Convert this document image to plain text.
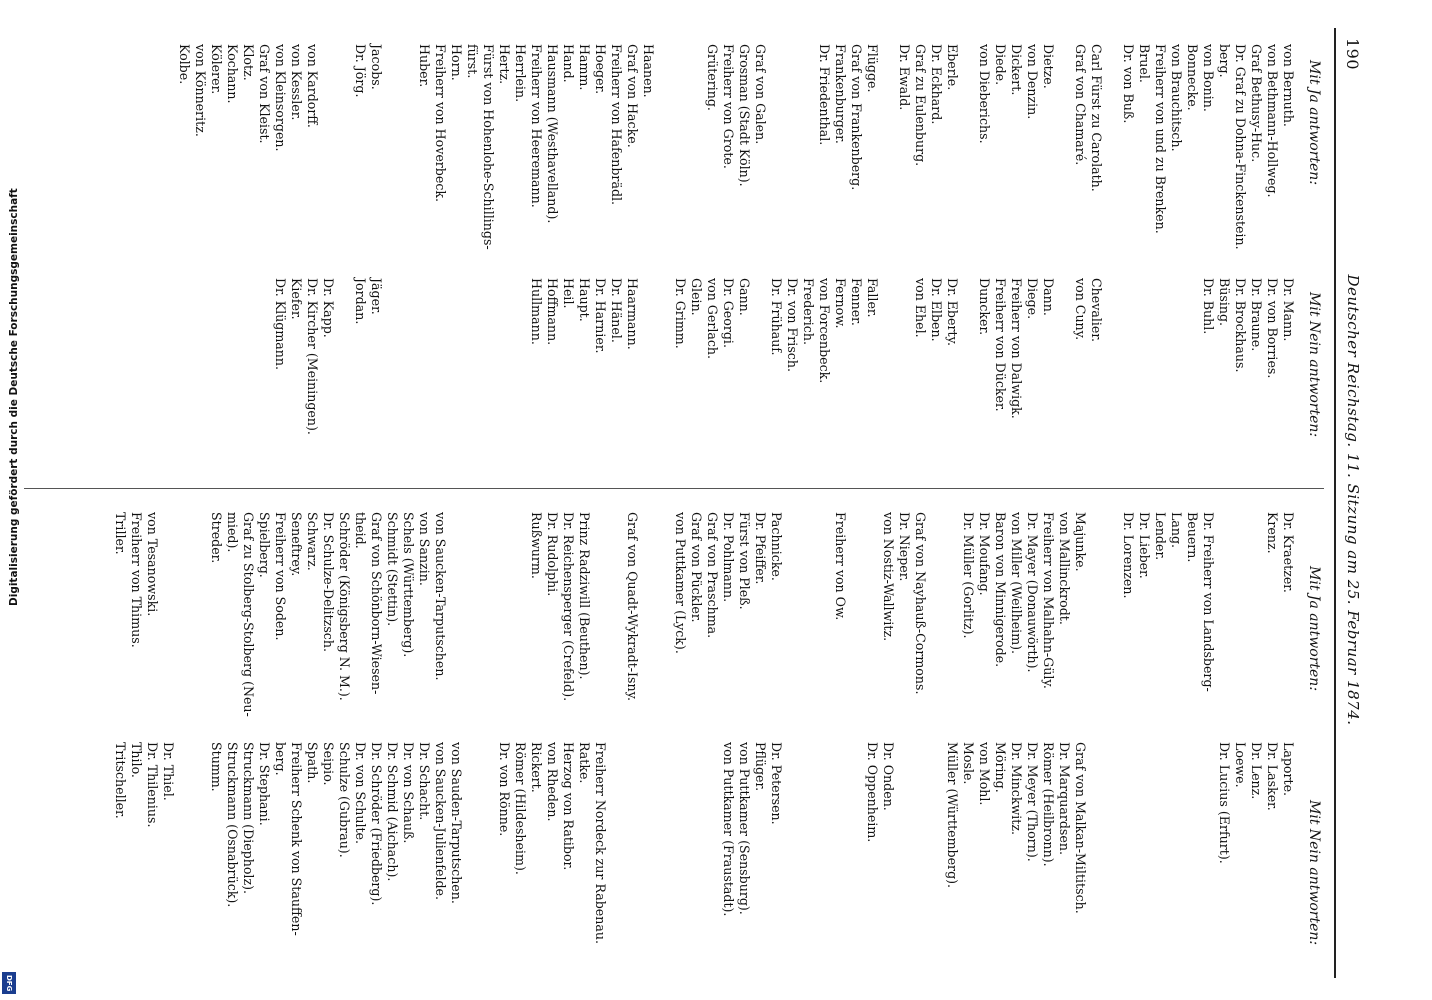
190
Deutscher Reichstag. 11. Sitzung am 25. Februar 1874.
Mit Ja antworten:
Mit Nein antworten:
Mit Ja antworten:
Mit Nein antworten:
von Bernuth.
von Bethmann-Hollweg.
Graf Bethusy-Huc.
Dr. Graf zu Dohna-Finckenstein.
berg.
von Bonin.
Bonnecke.
von Brauchitsch.
Freiherr von und zu Brenken.
Bruel.
Dr. von Buß.
Carl Fürst zu Carolath.
Graf von Chamaré.
Dietze.
von Denzin.
Dickert.
Diede.
von Dieberichs.
Eberle.
Dr. Eckhard.
Graf zu Eulenburg.
Dr. Ewald.
Flügge.
Graf von Frankenberg.
Frankenburger.
Dr. Friedenthal.
Graf von Galen.
Grosman (Stadt Köln).
Freiherr von Grote.
Grütering.
Haanen.
Graf von Hacke.
Freiherr von Hafenbrädl.
Hoeger.
Hamm.
Hand.
Hausmann (Westhavelland).
Freiherr von Heeremann.
Herrlein.
Hertz.
Fürst von Hohenlohe-Schillings-
fürst.
Horn.
Freiherr von Hoverbeck.
Huber.
Jacobs.
Dr. Jörg.
von Kardorff.
von Kessler.
von Kleinsorgen.
Graf von Kleist.
Klotz.
Kochann.
Kölerer.
von Könneritz.
Kolbe.
Dr. Mann.
Dr. von Borries.
Dr. Braune.
Dr. Brockhaus.
Büsing.
Dr. Buhl.
Chevalier.
von Cuny.
Dann.
Diege.
Freiherr von Dalwigk.
Freiherr von Dücker.
Duncker.
Dr. Eberty.
Dr. Elben.
von Ehel.
Faller.
Fenner.
Fernow.
von Forcenbeck.
Frederich.
Dr. von Frisch.
Dr. Frühauf.
Gann.
Dr. Georgi.
von Gerlach.
Glein.
Dr. Grimm.
Haarmann.
Dr. Hänel.
Dr. Harnier.
Haupt.
Heil.
Hoffmann.
Hullmann.
Jäger.
Jordan.
Dr. Kapp.
Dr. Kircher (Meiningen).
Kiefer.
Dr. Klügmann.
Dr. Kraetzer.
Krenz.
Dr. Freiherr von Landsberg-
Beuern.
Lang.
Lender.
Dr. Lieber.
Dr. Lorenzen.
Majunke.
von Mallinckrodt.
Freiherr von Malhahn-Güly.
Dr. Mayer (Donauwörth).
von Miller (Weilheim).
Baron von Minnigerode.
Dr. Moufang.
Dr. Müller (Gorlitz).
Graf von Nayhauß-Cormons.
Dr. Nieper.
von Nostiz-Wallwitz.
Freiherr von Ow.
Pachnicke.
Dr. Pfeiffer.
Fürst von Pleß.
Dr. Pohlmann.
Graf von Praschma.
Graf von Pückler.
von Puttkamer (Lyck).
Graf von Quadt-Wykradt-Isny.
Prinz Radziwill (Beuthen).
Dr. Reichensperger (Crefeld).
Dr. Rudolphi.
Rußwurm.
von Saucken-Tarputschen.
von Sanzin.
Schels (Württemberg).
Schmidt (Stettin).
Graf von Schönborn-Wiesen-
theid.
Schröder (Königsberg N. M.).
Dr. Schulze-Delitzsch.
Schwarz.
Seneftrey.
Freiherr von Soden.
Spielberg.
Graf zu Stolberg-Stolberg (Neu-
mied).
Streder.
von Tesanowski.
Freiherr von Thimus.
Triller.
Laporte.
Dr. Lasker.
Dr. Lenz.
Loewe.
Dr. Lucius (Erfurt).
Graf von Malkan-Miltitsch.
Dr. Marquardsen.
Römer (Heilbronn).
Dr. Meyer (Thorn).
Dr. Minckwitz.
Möring.
von Mohl.
Mosle.
Müller (Württemberg).
Dr. Onden.
Dr. Oppenheim.
Dr. Petersen.
Pflüger.
von Puttkamer (Sensburg).
von Puttkamer (Fraustadt).
Freiherr Nordeck zur Rabenau.
Ratke.
Herzog von Ratibor.
von Rheden.
Rickert.
Römer (Hildesheim).
Dr. von Rönne.
von Sauden-Tarputschen.
von Saucken-Julienfelde.
Dr. Schacht.
Dr. von Schauß.
Dr. Schmid (Aichach).
Dr. Schröder (Friedberg).
Dr. von Schulte.
Schulze (Gubrau).
Seipio.
Spath.
Freiherr Schenk von Stauffen-
berg.
Dr. Stephani.
Struckmann (Diepholz).
Struckmann (Osnabrück).
Stumm.
Dr. Thiel.
Dr. Thilenius.
Thilo.
Tritscheller.
Digitalisierung gefördert durch die Deutsche Forschungsgemeinschaft
DFG
